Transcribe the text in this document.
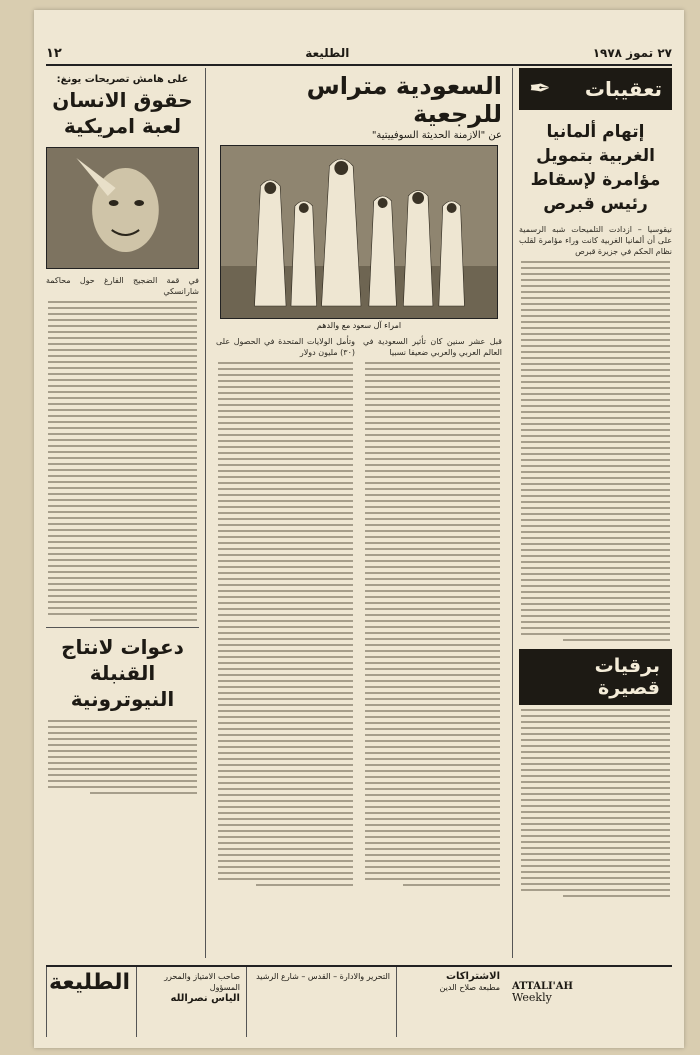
١٢	الطليعة	٢٧ تموز ١٩٧٨
✒ تعقيبات
إتهام ألمانيا الغربية بتمويل مؤامرة لإسقاط رئيس قبرص
نيقوسيا – ازدادت التلميحات شبه الرسمية على أن ألمانيا الغربية كانت وراء مؤامرة لقلب نظام الحكم في جزيرة قبرص
برقيات
قصيرة
السعودية متراس للرجعية
عن "الازمنة الحديثة السوفييتية"
امراء آل سعود مع والدهم
وتأمل الولايات المتحدة في الحصول على (٣٠) مليون دولار
قبل عشر سنين كان تأثير السعودية في العالم العربي والعربي ضعيفا نسبيا
على هامش تصريحات يونغ:
حقوق الانسان لعبة امريكية
في قمة الضجيج الفارغ حول محاكمة شارانسكي
دعوات لانتاج القنبلة النيوترونية
الطليعة	صاحب الامتياز والمحرر المسؤول
الياس نصرالله
التحرير والادارة – القدس – شارع الرشيد	الاشتراكات
مطبعة صلاح الدين ATTALI'AH
Weekly
